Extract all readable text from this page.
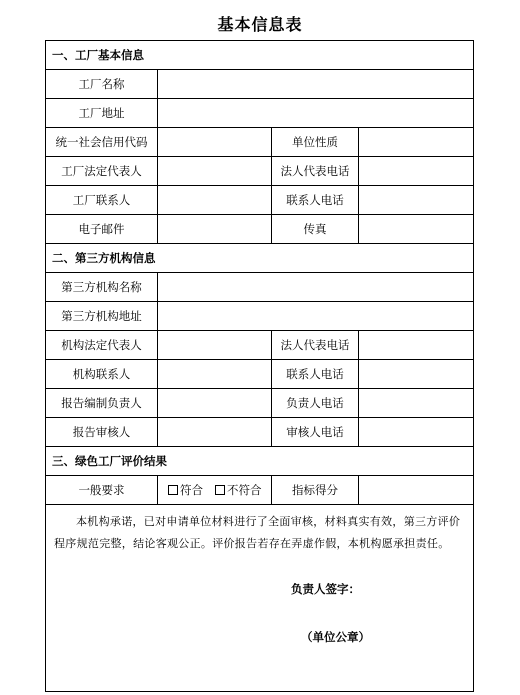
基本信息表
一、工厂基本信息			
工厂名称			
工厂地址			
统一社会信用代码		单位性质	
工厂法定代表人		法人代表电话	
工厂联系人		联系人电话	
电子邮件		传真	
二、第三方机构信息			
第三方机构名称			
第三方机构地址			
机构法定代表人		法人代表电话	
机构联系人		联系人电话	
报告编制负责人		负责人电话	
报告审核人		审核人电话	
三、绿色工厂评价结果			
一般要求	符合 不符合	指标得分	

本机构承诺，已对申请单位材料进行了全面审核，材料真实有效，第三方评价程序规范完整，结论客观公正。评价报告若存在弄虚作假，本机构愿承担责任。
负责人签字：
（单位公章）			
